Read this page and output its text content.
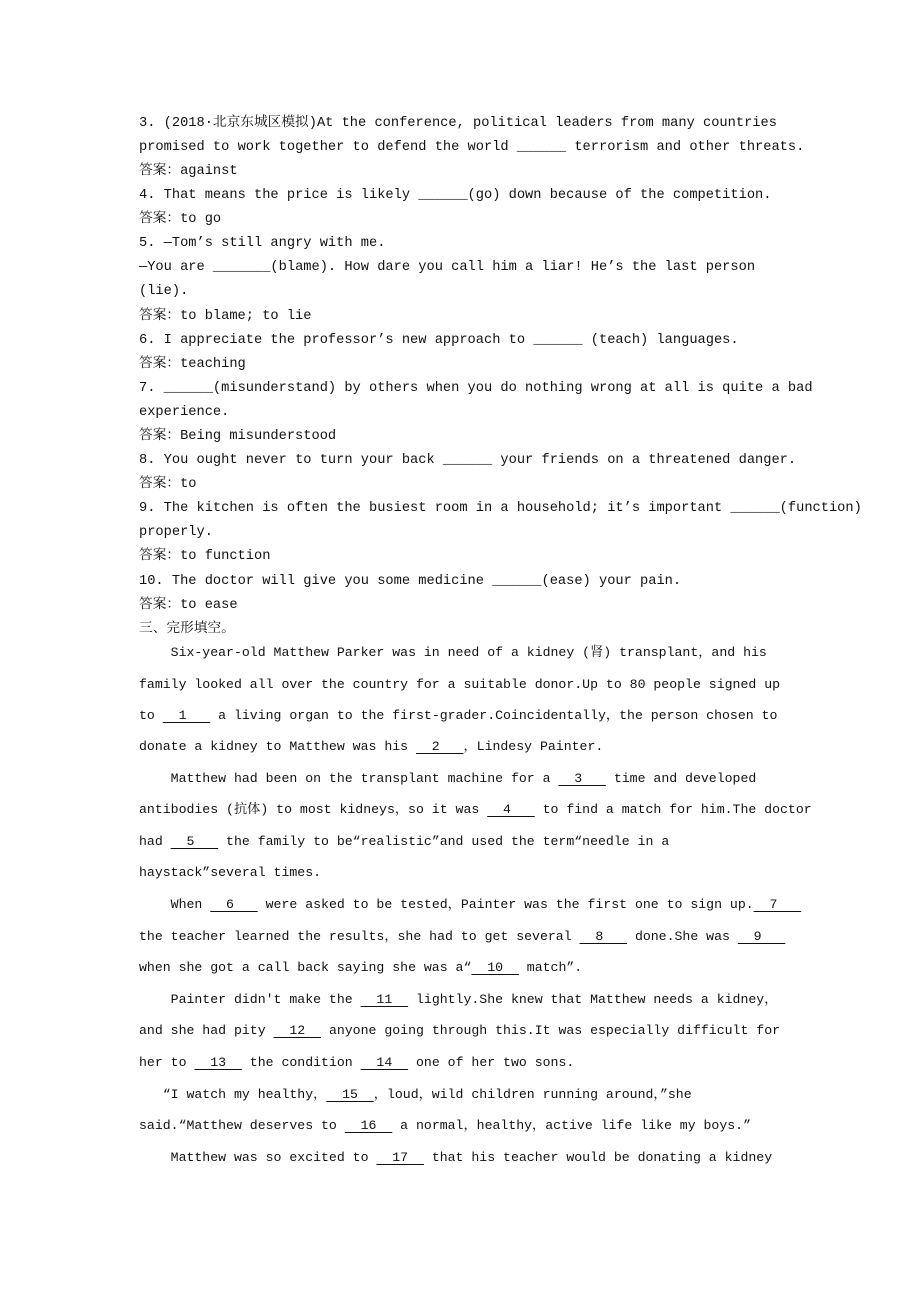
3. (2018·北京东城区模拟)At the conference, political leaders from many countries
promised to work together to defend the world ______ terrorism and other threats.
答案：against
4. That means the price is likely ______(go) down because of the competition.
答案：to go
5. —Tom’s still angry with me.
—You are _______(blame). How dare you call him a liar! He’s the last person
(lie).
答案：to blame; to lie
6. I appreciate the professor’s new approach to ______ (teach) languages.
答案：teaching
7. ______(misunderstand) by others when you do nothing wrong at all is quite a bad
experience.
答案：Being misunderstood
8. You ought never to turn your back ______ your friends on a threatened danger.
答案：to
9. The kitchen is often the busiest room in a household; it’s important ______(function)
properly.
答案：to function
10. The doctor will give you some medicine ______(ease) your pain.
答案：to ease
三、完形填空。
Six-year-old Matthew Parker was in need of a kidney (肾) transplant，and his
family looked all over the country for a suitable donor.Up to 80 people signed up
to   1    a living organ to the first-grader.Coincidentally，the person chosen to
donate a kidney to Matthew was his   2   ，Lindesy Painter.
Matthew had been on the transplant machine for a   3    time and developed
antibodies (抗体) to most kidneys，so it was   4    to find a match for him.The doctor
had   5    the family to be“realistic”and used the term“needle in a
haystack”several times.
When   6    were asked to be tested，Painter was the first one to sign up.  7
the teacher learned the results，she had to get several   8    done.She was   9
when she got a call back saying she was a“  10   match”.
Painter didn't make the   11   lightly.She knew that Matthew needs a kidney，
and she had pity   12   anyone going through this.It was especially difficult for
her to   13   the condition   14   one of her two sons.
“I watch my healthy，  15  ，loud，wild children running around，”she
said.“Matthew deserves to   16   a normal，healthy，active life like my boys.”
Matthew was so excited to   17   that his teacher would be donating a kidney
